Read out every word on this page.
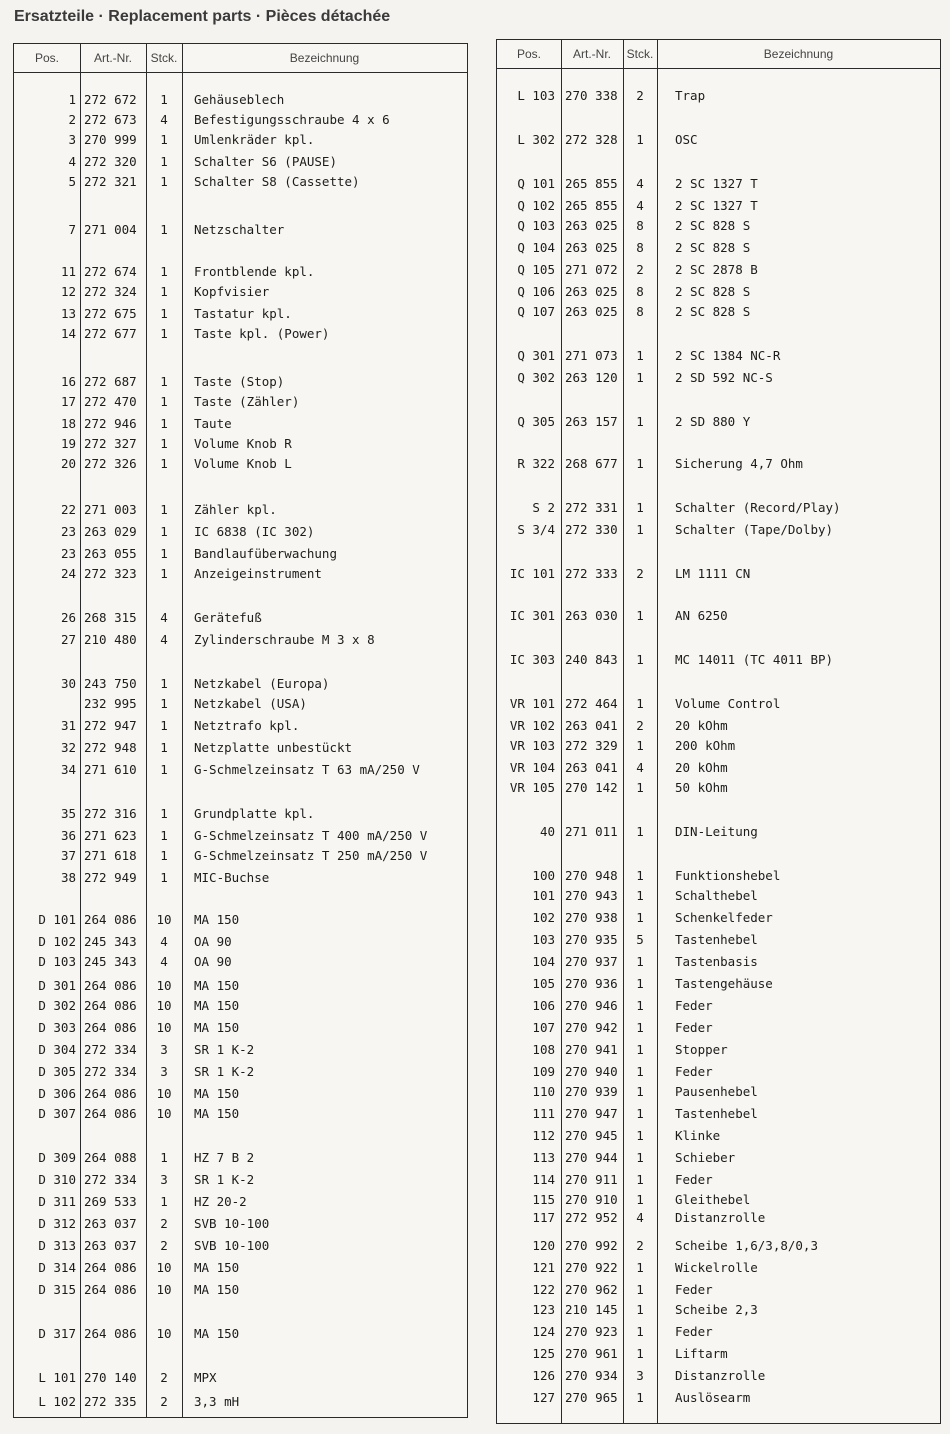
Ersatzteile · Replacement parts · Pièces détachée
Pos.	Art.-Nr.	Stck.	Bezeichnung
1 272 672	1	Gehäuseblech
2 272 673	4	Befestigungsschraube 4 x 6
3 270 999	1	Umlenkräder kpl.
4 272 320	1	Schalter S6 (PAUSE)
5 272 321	1	Schalter S8 (Cassette)
7 271 004	1	Netzschalter
11 272 674	1	Frontblende kpl.
12 272 324	1	Kopfvisier
13 272 675	1	Tastatur kpl.
14 272 677	1	Taste kpl. (Power)
16 272 687	1	Taste (Stop)
17 272 470	1	Taste (Zähler)
18 272 946	1	Taute
19 272 327	1	Volume Knob R
20 272 326	1	Volume Knob L
22 271 003	1	Zähler kpl.
23 263 029	1	IC 6838 (IC 302)
23 263 055	1	Bandlaufüberwachung
24 272 323	1	Anzeigeinstrument
26 268 315	4	Gerätefuß
27 210 480	4	Zylinderschraube M 3 x 8
30 243 750	1	Netzkabel (Europa)
232 995	1	Netzkabel (USA)
31 272 947	1	Netztrafo kpl.
32 272 948	1	Netzplatte unbestückt
34 271 610	1	G-Schmelzeinsatz T 63 mA/250 V
35 272 316	1	Grundplatte kpl.
36 271 623	1	G-Schmelzeinsatz T 400 mA/250 V
37 271 618	1	G-Schmelzeinsatz T 250 mA/250 V
38 272 949	1	MIC-Buchse
D 101 264 086	10	MA 150
D 102 245 343	4	OA 90
D 103 245 343	4	OA 90
D 301 264 086	10	MA 150
D 302 264 086	10	MA 150
D 303 264 086	10	MA 150
D 304 272 334	3	SR 1 K-2
D 305 272 334	3	SR 1 K-2
D 306 264 086	10	MA 150
D 307 264 086	10	MA 150
D 309 264 088	1	HZ 7 B 2
D 310 272 334	3	SR 1 K-2
D 311 269 533	1	HZ 20-2
D 312 263 037	2	SVB 10-100
D 313 263 037	2	SVB 10-100
D 314 264 086	10	MA 150
D 315 264 086	10	MA 150
D 317 264 086	10	MA 150
L 101 270 140	2	MPX
L 102 272 335	2	3,3 mH
Pos.	Art.-Nr.	Stck.	Bezeichnung
L 103 270 338	2	Trap
L 302 272 328	1	OSC
Q 101 265 855	4	2 SC 1327 T
Q 102 265 855	4	2 SC 1327 T
Q 103 263 025	8	2 SC 828 S
Q 104 263 025	8	2 SC 828 S
Q 105 271 072	2	2 SC 2878 B
Q 106 263 025	8	2 SC 828 S
Q 107 263 025	8	2 SC 828 S
Q 301 271 073	1	2 SC 1384 NC-R
Q 302 263 120	1	2 SD 592 NC-S
Q 305 263 157	1	2 SD 880 Y
R 322 268 677	1	Sicherung 4,7 Ohm
S 2 272 331	1	Schalter (Record/Play)
S 3/4 272 330	1	Schalter (Tape/Dolby)
IC 101 272 333	2	LM 1111 CN
IC 301 263 030	1	AN 6250
IC 303 240 843	1	MC 14011 (TC 4011 BP)
VR 101 272 464	1	Volume Control
VR 102 263 041	2	20 kOhm
VR 103 272 329	1	200 kOhm
VR 104 263 041	4	20 kOhm
VR 105 270 142	1	50 kOhm
40 271 011	1	DIN-Leitung
100 270 948	1	Funktionshebel
101 270 943	1	Schalthebel
102 270 938	1	Schenkelfeder
103 270 935	5	Tastenhebel
104 270 937	1	Tastenbasis
105 270 936	1	Tastengehäuse
106 270 946	1	Feder
107 270 942	1	Feder
108 270 941	1	Stopper
109 270 940	1	Feder
110 270 939	1	Pausenhebel
111 270 947	1	Tastenhebel
112 270 945	1	Klinke
113 270 944	1	Schieber
114 270 911	1	Feder
115 270 910	1	Gleithebel
117 272 952	4	Distanzrolle
120 270 992	2	Scheibe 1,6/3,8/0,3
121 270 922	1	Wickelrolle
122 270 962	1	Feder
123 210 145	1	Scheibe 2,3
124 270 923	1	Feder
125 270 961	1	Liftarm
126 270 934	3	Distanzrolle
127 270 965	1	Auslösearm
